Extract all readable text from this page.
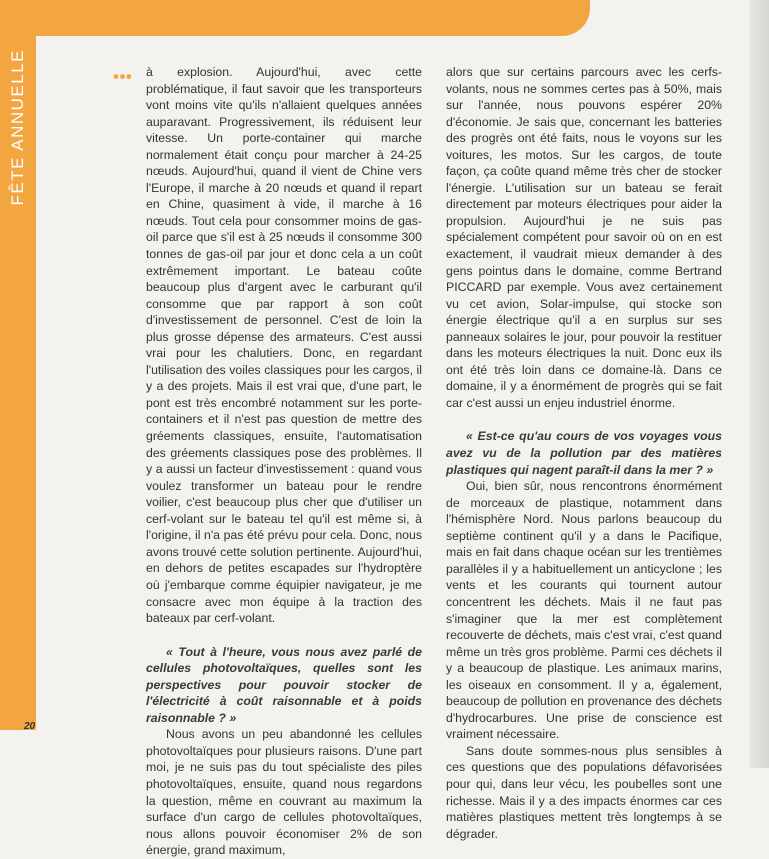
FÊTE ANNUELLE	••• à explosion. Aujourd'hui, avec cette problématique, il faut savoir que les transporteurs vont moins vite qu'ils n'allaient quelques années auparavant. Progressivement, ils réduisent leur vitesse. Un porte-container qui marche normalement était conçu pour marcher à 24-25 nœuds. Aujourd'hui, quand il vient de Chine vers l'Europe, il marche à 20 nœuds et quand il repart en Chine, quasiment à vide, il marche à 16 nœuds. Tout cela pour consommer moins de gas-oil parce que s'il est à 25 nœuds il consomme 300 tonnes de gas-oil par jour et donc cela a un coût extrêmement important. Le bateau coûte beaucoup plus d'argent avec le carburant qu'il consomme que par rapport à son coût d'investissement de personnel. C'est de loin la plus grosse dépense des armateurs. C'est aussi vrai pour les chalutiers. Donc, en regardant l'utilisation des voiles classiques pour les cargos, il y a des projets. Mais il est vrai que, d'une part, le pont est très encombré notamment sur les porte-containers et il n'est pas question de mettre des gréements classiques, ensuite, l'automatisation des gréements classiques pose des problèmes. Il y a aussi un facteur d'investissement : quand vous voulez transformer un bateau pour le rendre voilier, c'est beaucoup plus cher que d'utiliser un cerf-volant sur le bateau tel qu'il est même si, à l'origine, il n'a pas été prévu pour cela. Donc, nous avons trouvé cette solution pertinente. Aujourd'hui, en dehors de petites escapades sur l'hydroptère où j'embarque comme équipier navigateur, je me consacre avec mon équipe à la traction des bateaux par cerf-volant.

« Tout à l'heure, vous nous avez parlé de cellules photovoltaïques, quelles sont les perspectives pour pouvoir stocker de l'électricité à coût raisonnable et à poids raisonnable ? »

Nous avons un peu abandonné les cellules photovoltaïques pour plusieurs raisons. D'une part moi, je ne suis pas du tout spécialiste des piles photovoltaïques, ensuite, quand nous regardons la question, même en couvrant au maximum la surface d'un cargo de cellules photovoltaïques, nous allons pouvoir économiser 2% de son énergie, grand maximum,

alors que sur certains parcours avec les cerfs-volants, nous ne sommes certes pas à 50%, mais sur l'année, nous pouvons espérer 20% d'économie. Je sais que, concernant les batteries des progrès ont été faits, nous le voyons sur les voitures, les motos. Sur les cargos, de toute façon, ça coûte quand même très cher de stocker l'énergie. L'utilisation sur un bateau se ferait directement par moteurs électriques pour aider la propulsion. Aujourd'hui je ne suis pas spécialement compétent pour savoir où on en est exactement, il vaudrait mieux demander à des gens pointus dans le domaine, comme Bertrand PICCARD par exemple. Vous avez certainement vu cet avion, Solar-impulse, qui stocke son énergie électrique qu'il a en surplus sur ses panneaux solaires le jour, pour pouvoir la restituer dans les moteurs électriques la nuit. Donc eux ils ont été très loin dans ce domaine-là. Dans ce domaine, il y a énormément de progrès qui se fait car c'est aussi un enjeu industriel énorme.

« Est-ce qu'au cours de vos voyages vous avez vu de la pollution par des matières plastiques qui nagent paraît-il dans la mer ? »

Oui, bien sûr, nous rencontrons énormément de morceaux de plastique, notamment dans l'hémisphère Nord. Nous parlons beaucoup du septième continent qu'il y a dans le Pacifique, mais en fait dans chaque océan sur les trentièmes parallèles il y a habituellement un anticyclone ; les vents et les courants qui tournent autour concentrent les déchets. Mais il ne faut pas s'imaginer que la mer est complètement recouverte de déchets, mais c'est vrai, c'est quand même un très gros problème. Parmi ces déchets il y a beaucoup de plastique. Les animaux marins, les oiseaux en consomment. Il y a, également, beaucoup de pollution en provenance des déchets d'hydrocarbures. Une prise de conscience est vraiment nécessaire.

Sans doute sommes-nous plus sensibles à ces questions que des populations défavorisées pour qui, dans leur vécu, les poubelles sont une richesse. Mais il y a des impacts énormes car ces matières plastiques mettent très longtemps à se dégrader.

20
